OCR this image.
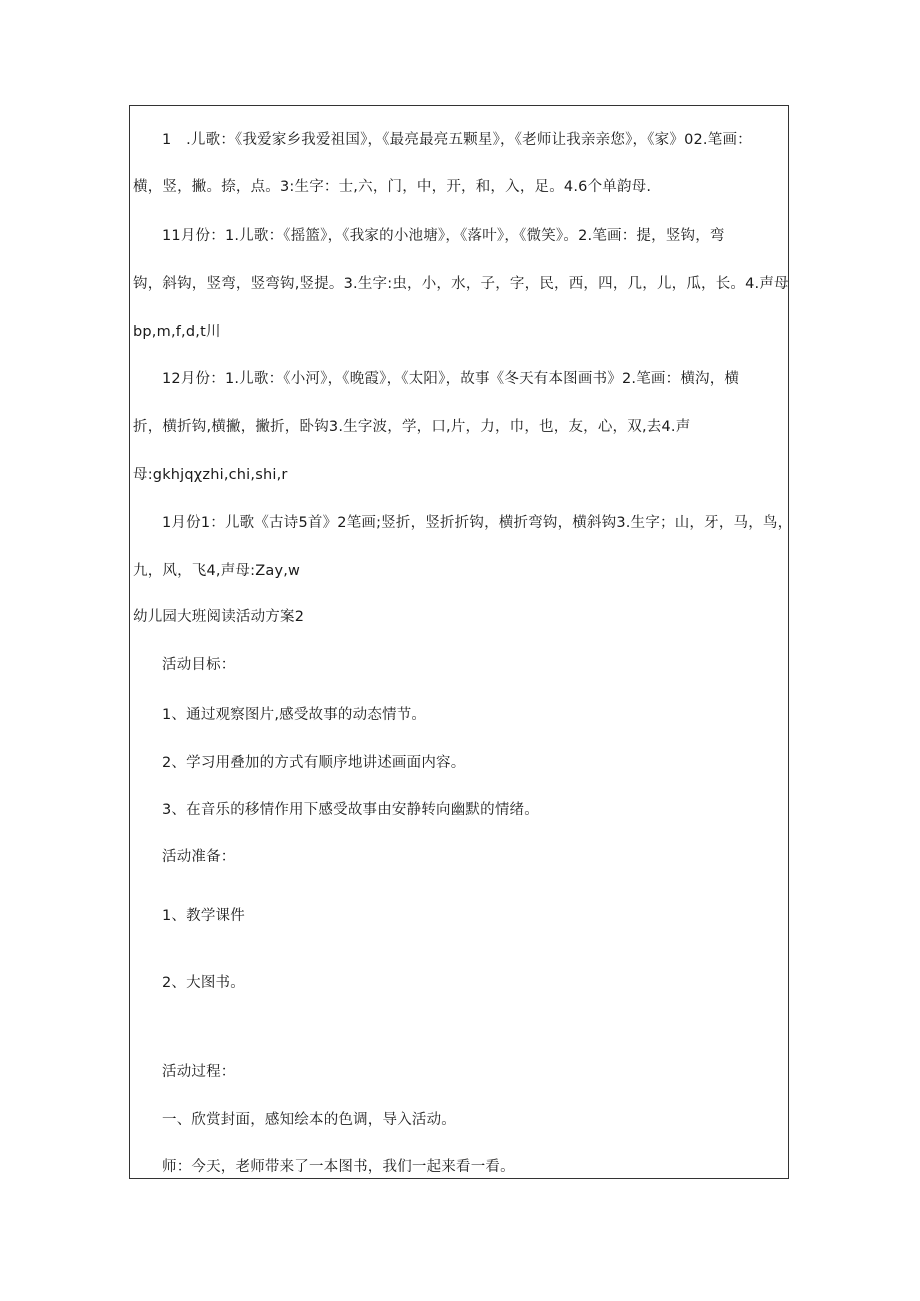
1　.儿歌：《我爱家乡我爱祖国》，《最亮最亮五颗星》，《老师让我亲亲您》，《家》02.笔画：
横，竖，撇。捺，点。3:生字：士,六，门，中，开，和，入，足。4.6个单韵母.
11月份：1.儿歌：《摇篮》，《我家的小池塘》，《落叶》，《微笑》。2.笔画：提，竖钩，弯
钩，斜钩，竖弯，竖弯钩,竖提。3.生字:虫，小，水，子，字，民，西，四，几，儿，瓜，长。4.声母
bp,m,f,d,t川
12月份：1.儿歌：《小河》，《晚霞》，《太阳》，故事《冬天有本图画书》2.笔画：横沟，横
折，横折钩,横撇，撇折，卧钩3.生字波，学，口,片，力，巾，也，友，心，双,去4.声
母:gkhjqχzhi,chi,shi,r
1月份1：儿歌《古诗5首》2笔画;竖折，竖折折钩，横折弯钩，横斜钩3.生字；山，牙，马，鸟，
九，风，飞4,声母:Zay,w
幼儿园大班阅读活动方案2
活动目标：
1、通过观察图片,感受故事的动态情节。
2、学习用叠加的方式有顺序地讲述画面内容。
3、在音乐的移情作用下感受故事由安静转向幽默的情绪。
活动准备：
1、教学课件
2、大图书。
活动过程：
一、欣赏封面，感知绘本的色调，导入活动。
师：今天，老师带来了一本图书，我们一起来看一看。
